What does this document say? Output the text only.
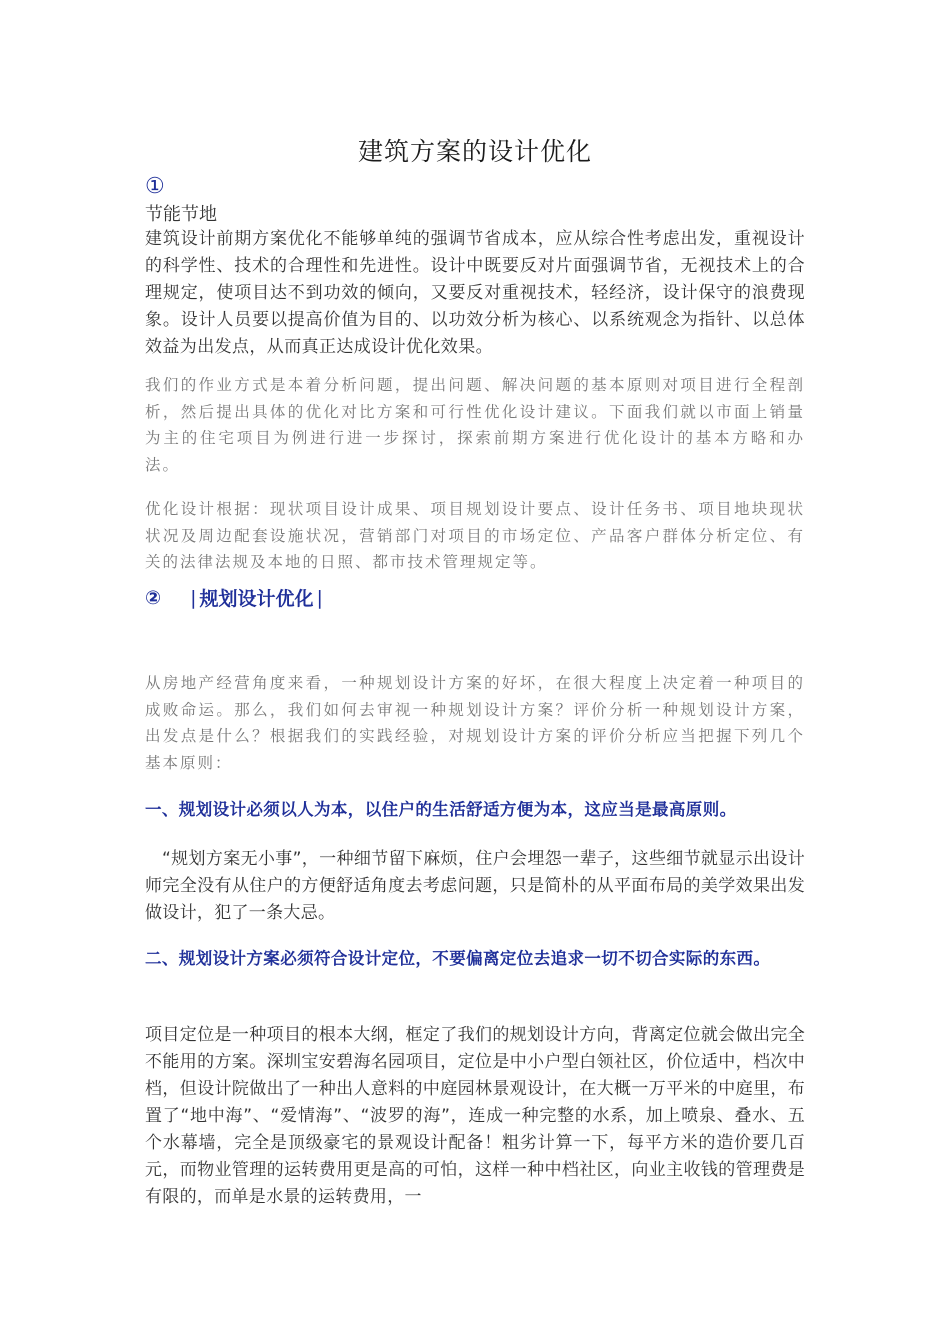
建筑方案的设计优化
①
节能节地

建筑设计前期方案优化不能够单纯的强调节省成本，应从综合性考虑出发，重视设计的科学性、技术的合理性和先进性。设计中既要反对片面强调节省，无视技术上的合理规定，使项目达不到功效的倾向，又要反对重视技术，轻经济，设计保守的浪费现象。设计人员要以提高价值为目的、以功效分析为核心、以系统观念为指针、以总体效益为出发点，从而真正达成设计优化效果。

我们的作业方式是本着分析问题，提出问题、解决问题的基本原则对项目进行全程剖析，然后提出具体的优化对比方案和可行性优化设计建议。下面我们就以市面上销量为主的住宅项目为例进行进一步探讨，探索前期方案进行优化设计的基本方略和办法。

优化设计根据：现状项目设计成果、项目规划设计要点、设计任务书、项目地块现状状况及周边配套设施状况，营销部门对项目的市场定位、产品客户群体分析定位、有关的法律法规及本地的日照、都市技术管理规定等。

② | 规划设计优化 |

从房地产经营角度来看，一种规划设计方案的好坏，在很大程度上决定着一种项目的成败命运。那么，我们如何去审视一种规划设计方案？评价分析一种规划设计方案，出发点是什么？根据我们的实践经验，对规划设计方案的评价分析应当把握下列几个基本原则：

一、规划设计必须以人为本，以住户的生活舒适方便为本，这应当是最高原则。

“规划方案无小事”，一种细节留下麻烦，住户会埋怨一辈子，这些细节就显示出设计师完全没有从住户的方便舒适角度去考虑问题，只是简朴的从平面布局的美学效果出发做设计，犯了一条大忌。

二、规划设计方案必须符合设计定位，不要偏离定位去追求一切不切合实际的东西。

项目定位是一种项目的根本大纲，框定了我们的规划设计方向，背离定位就会做出完全不能用的方案。深圳宝安碧海名园项目，定位是中小户型白领社区，价位适中，档次中档，但设计院做出了一种出人意料的中庭园林景观设计，在大概一万平米的中庭里，布置了“地中海”、“爱情海”、“波罗的海”，连成一种完整的水系，加上喷泉、叠水、五个水幕墙，完全是顶级豪宅的景观设计配备！粗劣计算一下，每平方米的造价要几百元，而物业管理的运转费用更是高的可怕，这样一种中档社区，向业主收钱的管理费是有限的，而单是水景的运转费用，一
